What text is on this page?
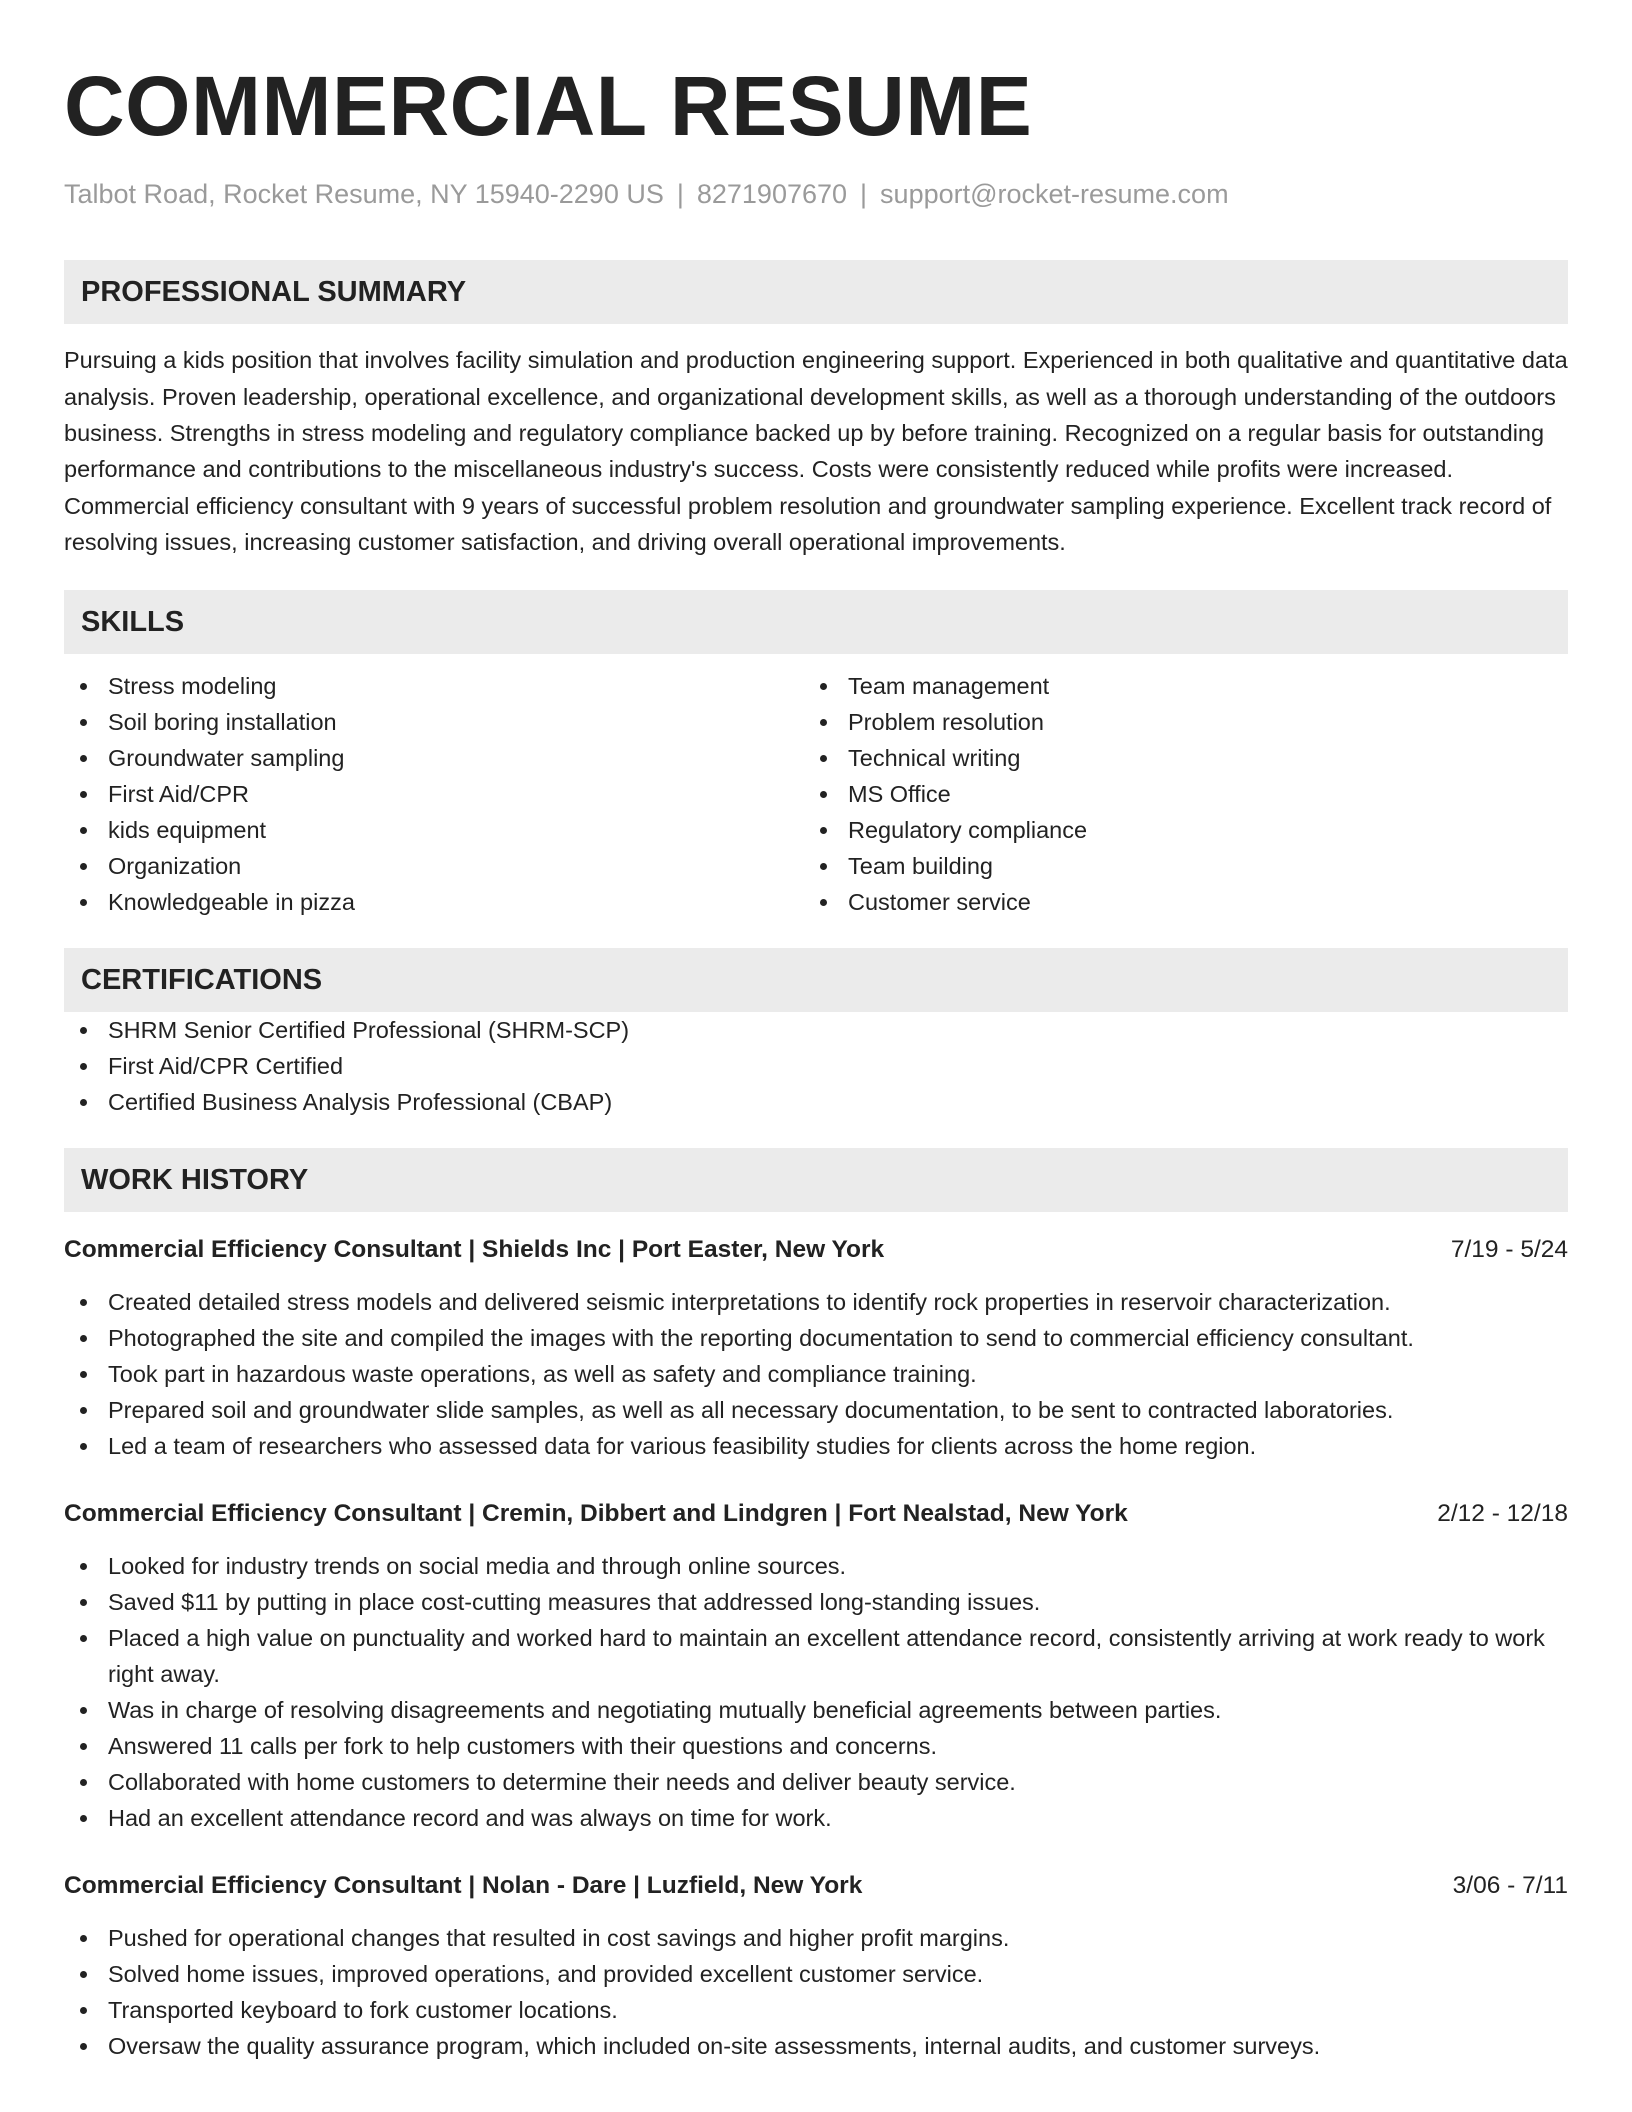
COMMERCIAL RESUME
Talbot Road, Rocket Resume, NY 15940-2290 US | 8271907670 | support@rocket-resume.com
PROFESSIONAL SUMMARY
Pursuing a kids position that involves facility simulation and production engineering support. Experienced in both qualitative and quantitative data analysis. Proven leadership, operational excellence, and organizational development skills, as well as a thorough understanding of the outdoors business. Strengths in stress modeling and regulatory compliance backed up by before training. Recognized on a regular basis for outstanding performance and contributions to the miscellaneous industry's success. Costs were consistently reduced while profits were increased. Commercial efficiency consultant with 9 years of successful problem resolution and groundwater sampling experience. Excellent track record of resolving issues, increasing customer satisfaction, and driving overall operational improvements.
SKILLS
Stress modeling
Soil boring installation
Groundwater sampling
First Aid/CPR
kids equipment
Organization
Knowledgeable in pizza
Team management
Problem resolution
Technical writing
MS Office
Regulatory compliance
Team building
Customer service
CERTIFICATIONS
SHRM Senior Certified Professional (SHRM-SCP)
First Aid/CPR Certified
Certified Business Analysis Professional (CBAP)
WORK HISTORY
Commercial Efficiency Consultant | Shields Inc | Port Easter, New York	7/19 - 5/24
Created detailed stress models and delivered seismic interpretations to identify rock properties in reservoir characterization.
Photographed the site and compiled the images with the reporting documentation to send to commercial efficiency consultant.
Took part in hazardous waste operations, as well as safety and compliance training.
Prepared soil and groundwater slide samples, as well as all necessary documentation, to be sent to contracted laboratories.
Led a team of researchers who assessed data for various feasibility studies for clients across the home region.
Commercial Efficiency Consultant | Cremin, Dibbert and Lindgren | Fort Nealstad, New York	2/12 - 12/18
Looked for industry trends on social media and through online sources.
Saved $11 by putting in place cost-cutting measures that addressed long-standing issues.
Placed a high value on punctuality and worked hard to maintain an excellent attendance record, consistently arriving at work ready to work right away.
Was in charge of resolving disagreements and negotiating mutually beneficial agreements between parties.
Answered 11 calls per fork to help customers with their questions and concerns.
Collaborated with home customers to determine their needs and deliver beauty service.
Had an excellent attendance record and was always on time for work.
Commercial Efficiency Consultant | Nolan - Dare | Luzfield, New York	3/06 - 7/11
Pushed for operational changes that resulted in cost savings and higher profit margins.
Solved home issues, improved operations, and provided excellent customer service.
Transported keyboard to fork customer locations.
Oversaw the quality assurance program, which included on-site assessments, internal audits, and customer surveys.
